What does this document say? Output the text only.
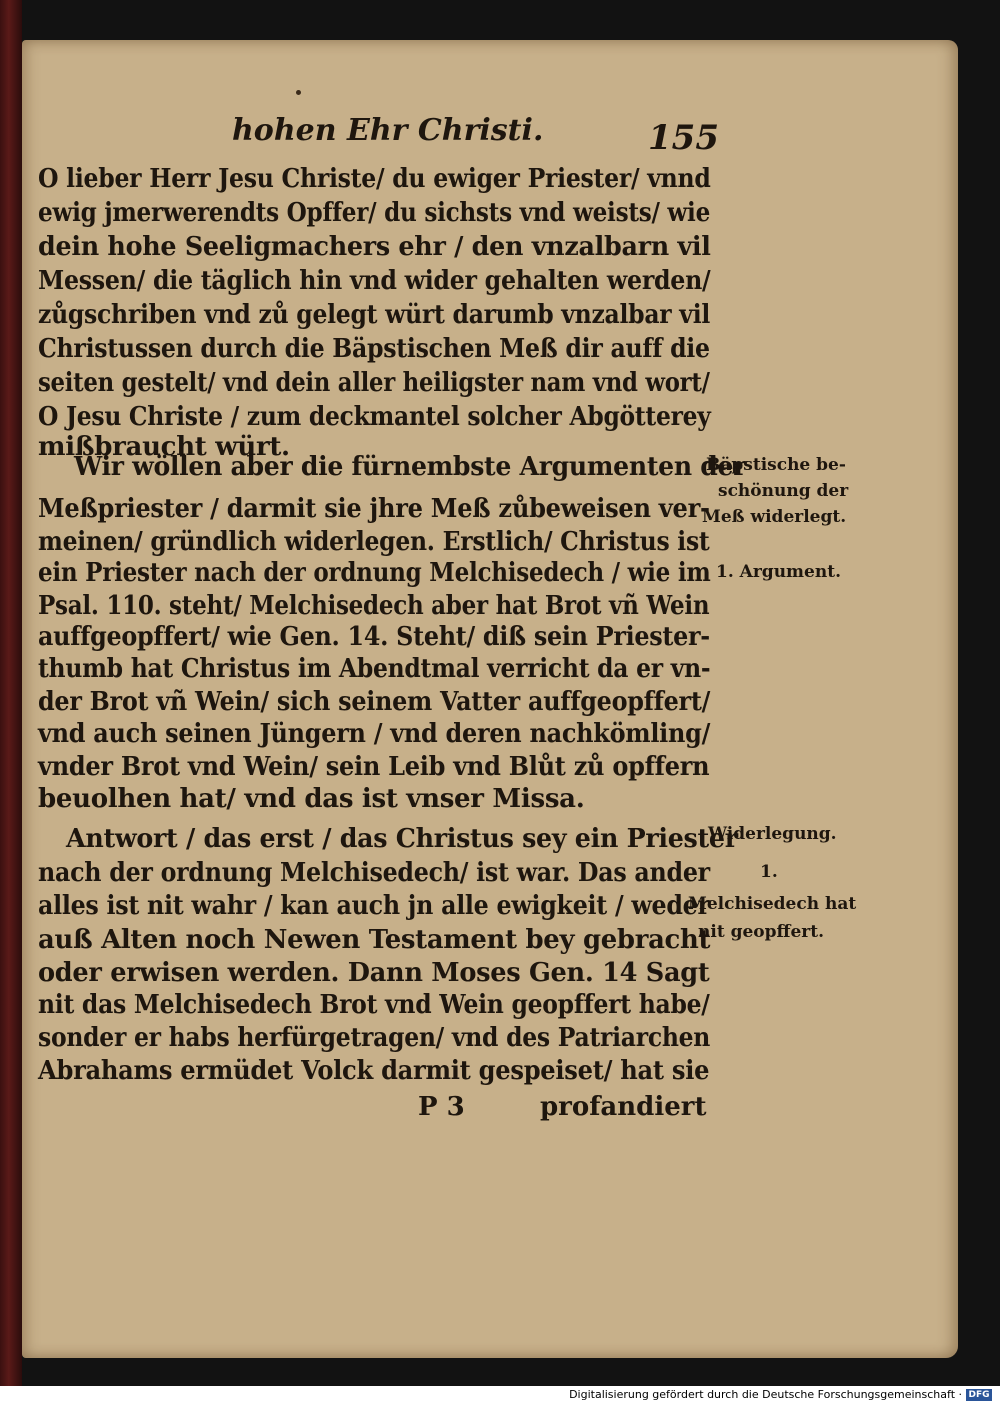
hohen Ehr Christi.	155
O lieber Herr Jesu Christe/ du ewiger Priester/ vnnd
ewig jmerwerendts Opffer/ du sichsts vnd weists/ wie
dein hohe Seeligmachers ehr / den vnzalbarn vil
Messen/ die täglich hin vnd wider gehalten werden/
zůgschriben vnd zů gelegt würt darumb vnzalbar vil
Christussen durch die Bäpstischen Meß dir auff die
seiten gestelt/ vnd dein aller heiligster nam vnd wort/
O Jesu Christe / zum deckmantel solcher Abgötterey
mißbraucht würt.
Wir wöllen aber die fürnembste Argumenten der
Meßpriester / darmit sie jhre Meß zůbeweisen ver-
meinen/ gründlich widerlegen. Erstlich/ Christus ist
ein Priester nach der ordnung Melchisedech / wie im
Psal. 110. steht/ Melchisedech aber hat Brot vñ Wein
auffgeopffert/ wie Gen. 14. Steht/ diß sein Priester-
thumb hat Christus im Abendtmal verricht da er vn-
der Brot vñ Wein/ sich seinem Vatter auffgeopffert/
vnd auch seinen Jüngern / vnd deren nachkömling/
vnder Brot vnd Wein/ sein Leib vnd Blůt zů opffern
beuolhen hat/ vnd das ist vnser Missa.
Antwort / das erst / das Christus sey ein Priester
nach der ordnung Melchisedech/ ist war. Das ander
alles ist nit wahr / kan auch jn alle ewigkeit / weder
auß Alten noch Newen Testament bey gebracht
oder erwisen werden. Dann Moses Gen. 14 Sagt
nit das Melchisedech Brot vnd Wein geopffert habe/
sonder er habs herfürgetragen/ vnd des Patriarchen
Abrahams ermüdet Volck darmit gespeiset/ hat sie
Bäpstische be-
schönung der
Meß widerlegt.
1. Argument.
Widerlegung.
1.
Melchisedech hat
nit geopffert.
P 3	profandiert
Digitalisierung gefördert durch die Deutsche Forschungsgemeinschaft · DFG
